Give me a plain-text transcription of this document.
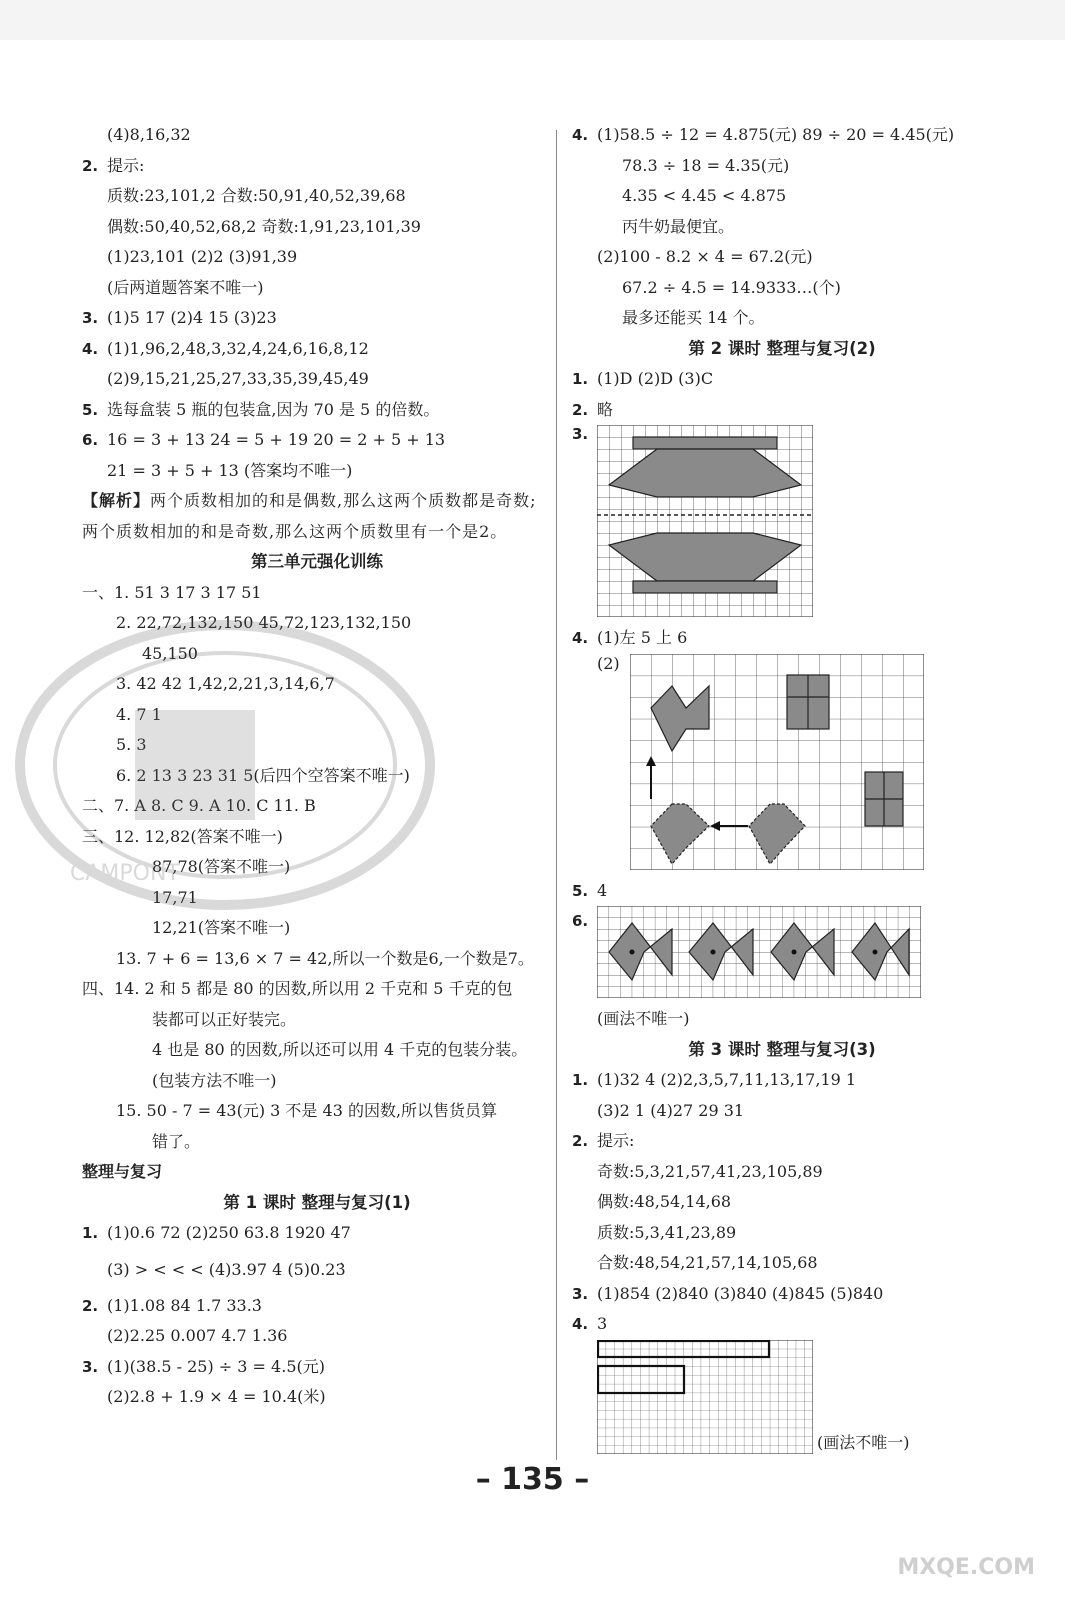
(4)8,16,32
2. 提示:
质数:23,101,2 合数:50,91,40,52,39,68
偶数:50,40,52,68,2 奇数:1,91,23,101,39
(1)23,101 (2)2 (3)91,39
(后两道题答案不唯一)
3. (1)5 17 (2)4 15 (3)23
4. (1)1,96,2,48,3,32,4,24,6,16,8,12
(2)9,15,21,25,27,33,35,39,45,49
5. 选每盒装 5 瓶的包装盒,因为 70 是 5 的倍数。
6. 16 = 3 + 13 24 = 5 + 19 20 = 2 + 5 + 13
21 = 3 + 5 + 13 (答案均不唯一)
【解析】两个质数相加的和是偶数,那么这两个质数都是奇数;两个质数相加的和是奇数,那么这两个质数里有一个是2。
第三单元强化训练
一、1. 51 3 17 3 17 51
2. 22,72,132,150 45,72,123,132,150
45,150
3. 42 42 1,42,2,21,3,14,6,7
4. 7 1
5. 3
6. 2 13 3 23 31 5(后四个空答案不唯一)
二、7. A 8. C 9. A 10. C 11. B
三、12. 12,82(答案不唯一)
87,78(答案不唯一)
17,71
12,21(答案不唯一)
13. 7 + 6 = 13,6 × 7 = 42,所以一个数是6,一个数是7。
四、14. 2 和 5 都是 80 的因数,所以用 2 千克和 5 千克的包
装都可以正好装完。
4 也是 80 的因数,所以还可以用 4 千克的包装分装。
(包装方法不唯一)
15. 50 - 7 = 43(元) 3 不是 43 的因数,所以售货员算
错了。
整理与复习
第 1 课时 整理与复习(1)
1. (1)0.6 72 (2)250 63.8 1920 47
(3) > < < < (4)3.97 4 (5)0.23̇
2. (1)1.08 84 1.7 33.3̇
(2)2.25 0.007 4.7 1.36
3. (1)(38.5 - 25) ÷ 3 = 4.5(元)
(2)2.8 + 1.9 × 4 = 10.4(米)
4. (1)58.5 ÷ 12 = 4.875(元) 89 ÷ 20 = 4.45(元)
78.3 ÷ 18 = 4.35(元)
4.35 < 4.45 < 4.875
丙牛奶最便宜。
(2)100 - 8.2 × 4 = 67.2(元)
67.2 ÷ 4.5 = 14.9333…(个)
最多还能买 14 个。
第 2 课时 整理与复习(2)
1. (1)D (2)D (3)C
2. 略
3.
4. (1)左 5 上 6
(2)
5. 4
6.
(画法不唯一)
第 3 课时 整理与复习(3)
1. (1)32 4 (2)2,3,5,7,11,13,17,19 1
(3)2 1 (4)27 29 31
2. 提示:
奇数:5,3,21,57,41,23,105,89
偶数:48,54,14,68
质数:5,3,41,23,89
合数:48,54,21,57,14,105,68
3. (1)854 (2)840 (3)840 (4)845 (5)840
4. 3
(画法不唯一)
– 135 –
CAMPONT
MXQE.COM
